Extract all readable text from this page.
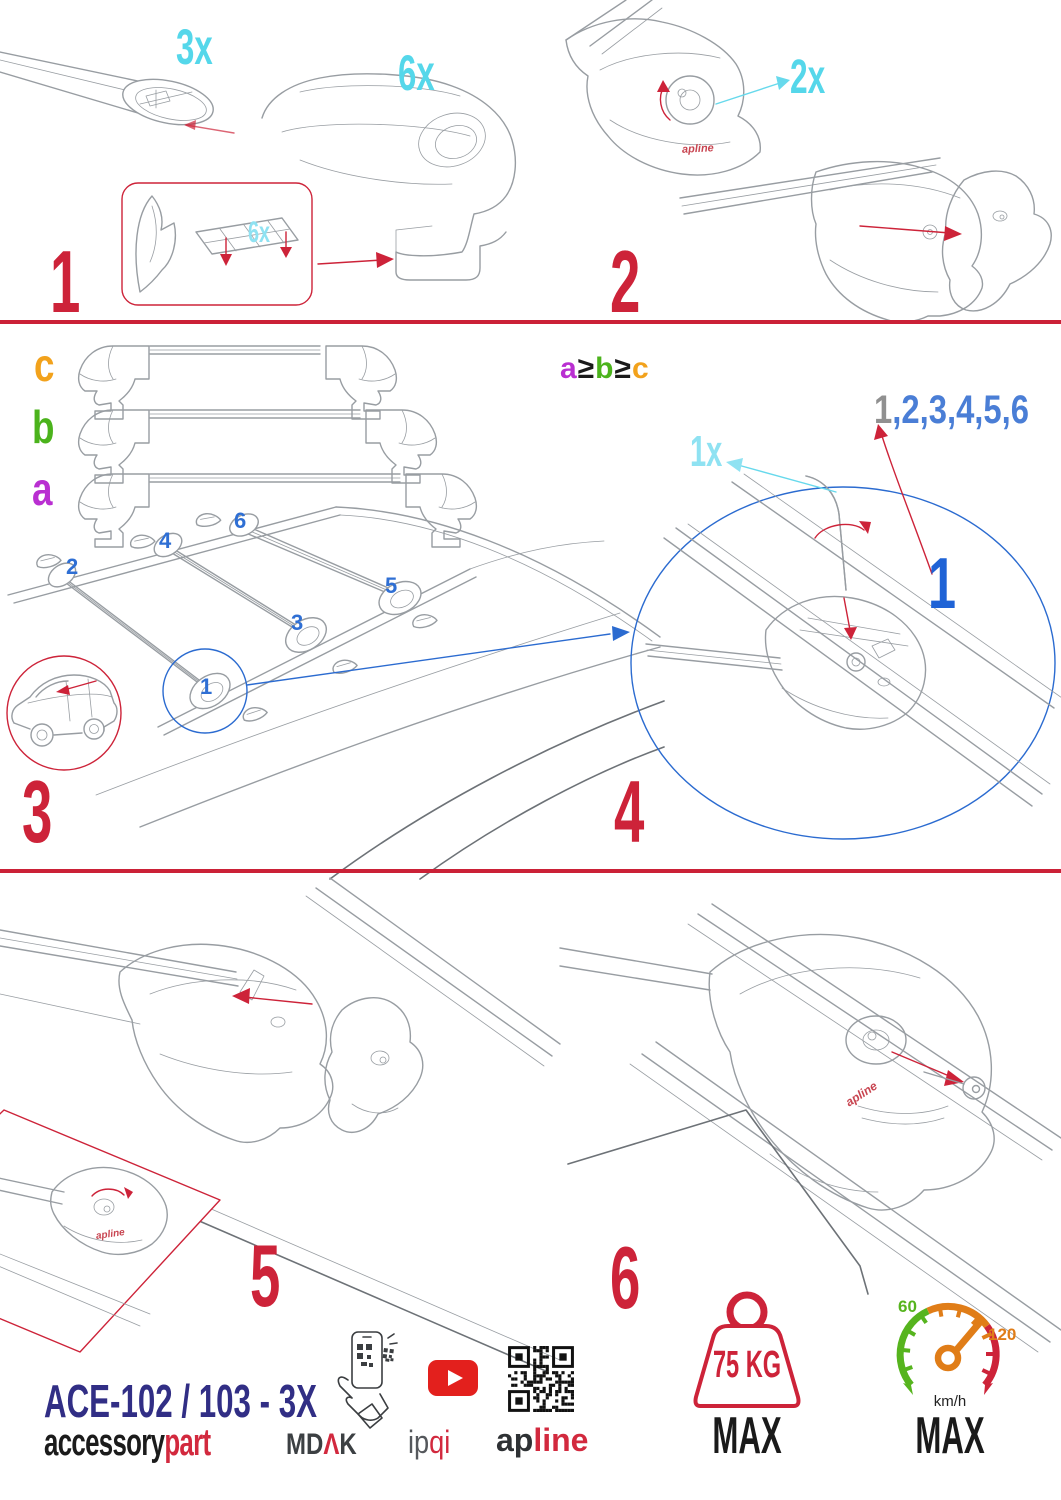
1	2
3	4
5	6
3x	6x
6x
2x
1x
c
b
a
a≥b≥c
1
2
3
4
5
6
1,2,3,4,5,6
1
apline
apline
apline
ACE-102 / 103 - 3X
accessorypart	MDΛK ipqi apline
75 KG
MAX
60
120
km/h
MAX
